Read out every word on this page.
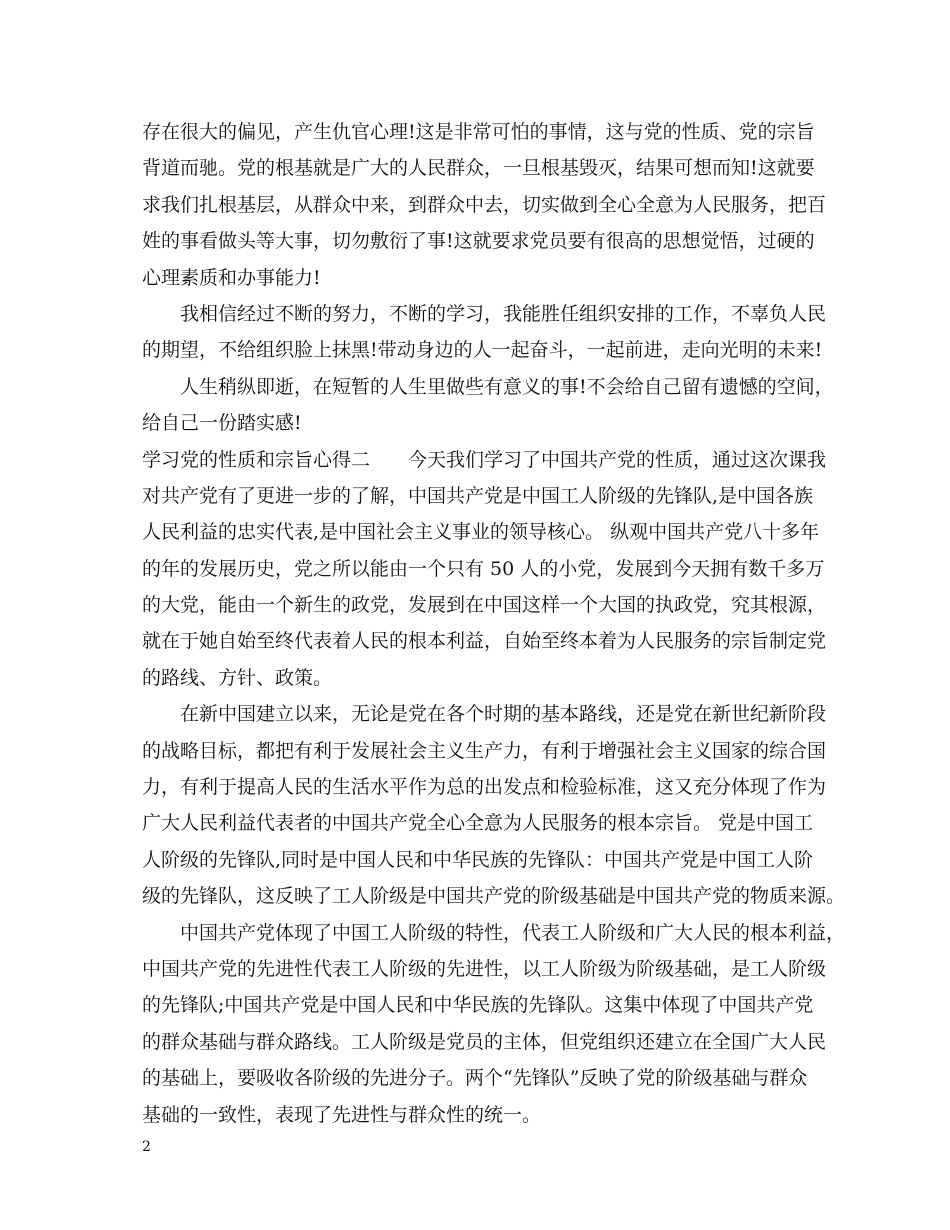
存在很大的偏见，产生仇官心理!这是非常可怕的事情，这与党的性质、党的宗旨
背道而驰。党的根基就是广大的人民群众，一旦根基毁灭，结果可想而知!这就要
求我们扎根基层，从群众中来，到群众中去，切实做到全心全意为人民服务，把百
姓的事看做头等大事，切勿敷衍了事!这就要求党员要有很高的思想觉悟，过硬的
心理素质和办事能力!
　　我相信经过不断的努力，不断的学习，我能胜任组织安排的工作，不辜负人民
的期望，不给组织脸上抹黑!带动身边的人一起奋斗，一起前进，走向光明的未来!
　　人生稍纵即逝，在短暂的人生里做些有意义的事!不会给自己留有遗憾的空间，
给自己一份踏实感!
学习党的性质和宗旨心得二　　今天我们学习了中国共产党的性质，通过这次课我
对共产党有了更进一步的了解，中国共产党是中国工人阶级的先锋队,是中国各族
人民利益的忠实代表,是中国社会主义事业的领导核心。 纵观中国共产党八十多年
的年的发展历史，党之所以能由一个只有 50 人的小党，发展到今天拥有数千多万
的大党，能由一个新生的政党，发展到在中国这样一个大国的执政党，究其根源，
就在于她自始至终代表着人民的根本利益，自始至终本着为人民服务的宗旨制定党
的路线、方针、政策。
　　在新中国建立以来，无论是党在各个时期的基本路线，还是党在新世纪新阶段
的战略目标，都把有利于发展社会主义生产力，有利于增强社会主义国家的综合国
力，有利于提高人民的生活水平作为总的出发点和检验标准，这又充分体现了作为
广大人民利益代表者的中国共产党全心全意为人民服务的根本宗旨。 党是中国工
人阶级的先锋队,同时是中国人民和中华民族的先锋队：中国共产党是中国工人阶
级的先锋队，这反映了工人阶级是中国共产党的阶级基础是中国共产党的物质来源。
　　中国共产党体现了中国工人阶级的特性，代表工人阶级和广大人民的根本利益，
中国共产党的先进性代表工人阶级的先进性，以工人阶级为阶级基础，是工人阶级
的先锋队;中国共产党是中国人民和中华民族的先锋队。这集中体现了中国共产党
的群众基础与群众路线。工人阶级是党员的主体，但党组织还建立在全国广大人民
的基础上，要吸收各阶级的先进分子。两个“先锋队”反映了党的阶级基础与群众
基础的一致性，表现了先进性与群众性的统一。
2
